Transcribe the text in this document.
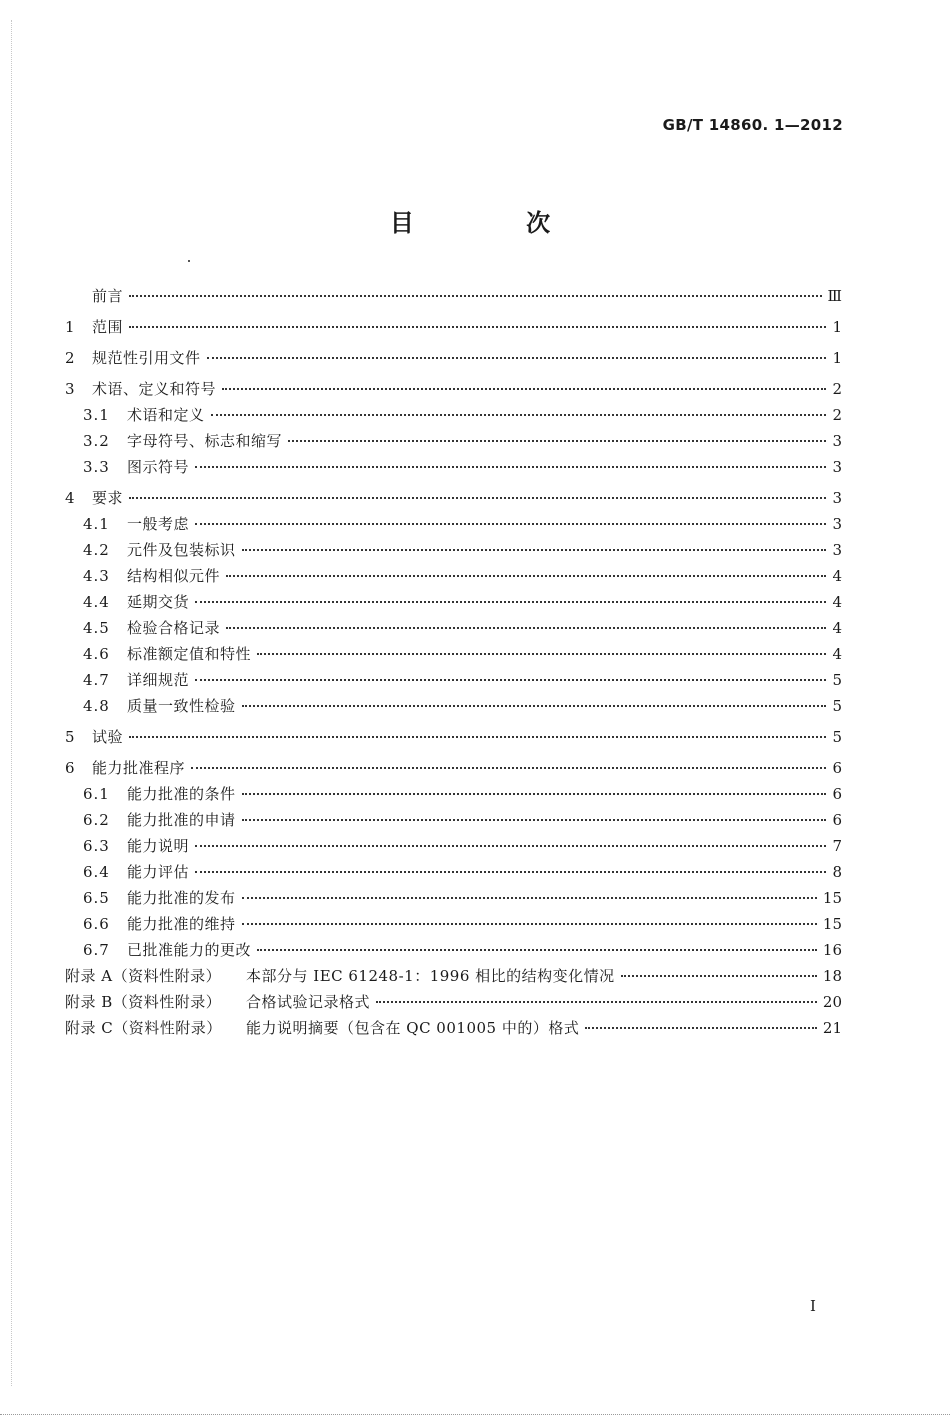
GB/T 14860. 1—2012
目 次
前言	Ⅲ
1	范围	1
2	规范性引用文件	1
3	术语、定义和符号	2
3.1	术语和定义	2
3.2	字母符号、标志和缩写	3
3.3	图示符号	3
4	要求	3
4.1	一般考虑	3
4.2	元件及包装标识	3
4.3	结构相似元件	4
4.4	延期交货	4
4.5	检验合格记录	4
4.6	标准额定值和特性	4
4.7	详细规范	5
4.8	质量一致性检验	5
5	试验	5
6	能力批准程序	6
6.1	能力批准的条件	6
6.2	能力批准的申请	6
6.3	能力说明	7
6.4	能力评估	8
6.5	能力批准的发布	15
6.6	能力批准的维持	15
6.7	已批准能力的更改	16
附录 A（资料性附录）	本部分与 IEC 61248-1：1996 相比的结构变化情况	18
附录 B（资料性附录）	合格试验记录格式	20
附录 C（资料性附录）	能力说明摘要（包含在 QC 001005 中的）格式	21
I
